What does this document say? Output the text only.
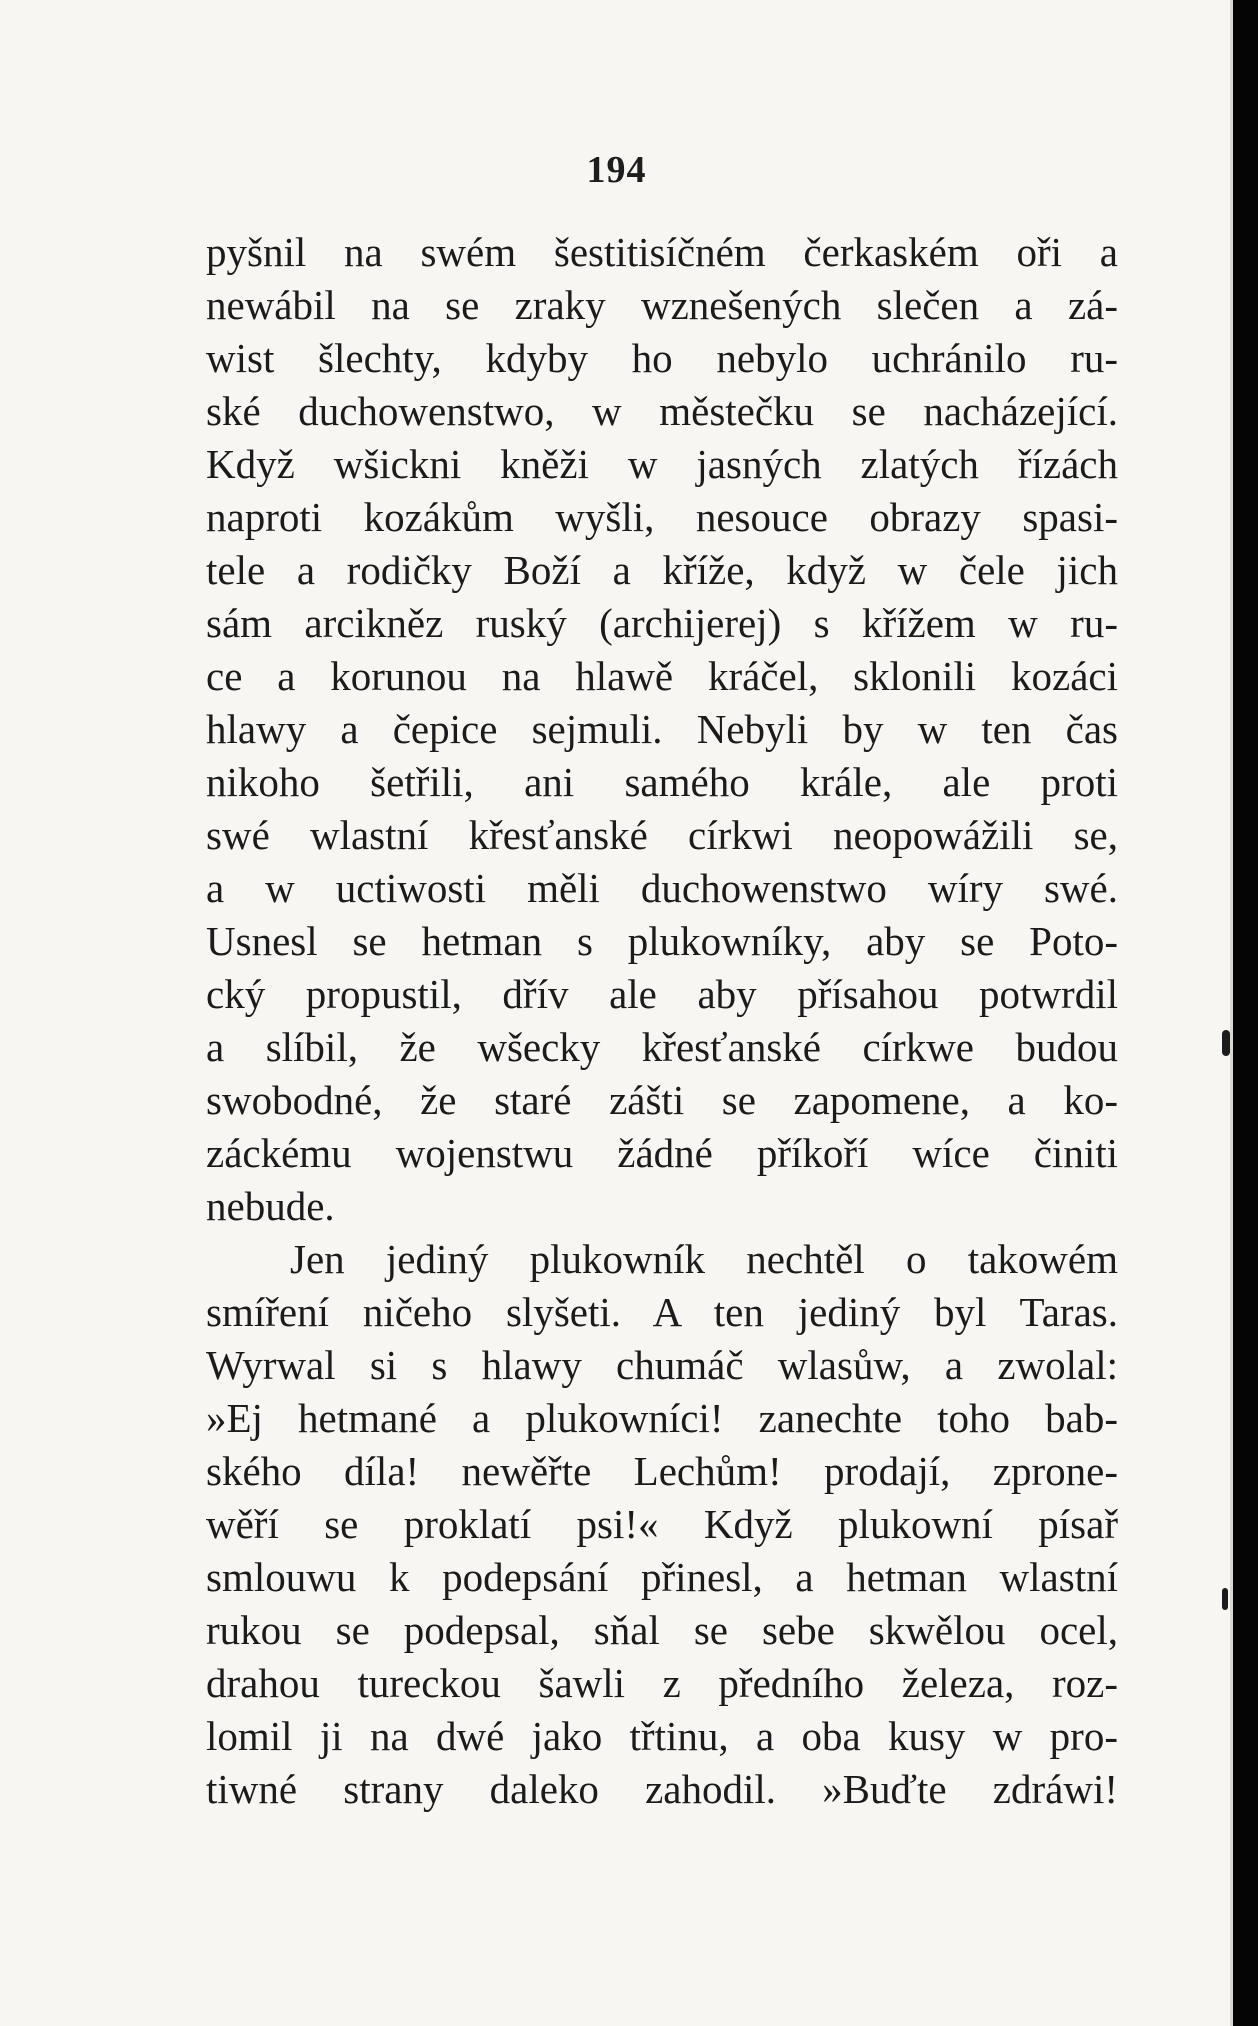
194
pyšnil na swém šestitisíčném čerkaském oři a
newábil na se zraky wznešených slečen a zá-
wist šlechty, kdyby ho nebylo uchránilo ru-
ské duchowenstwo, w městečku se nacházející.
Když wšickni kněži w jasných zlatých řízách
naproti kozákům wyšli, nesouce obrazy spasi-
tele a rodičky Boží a kříže, když w čele jich
sám arcikněz ruský (archijerej) s křížem w ru-
ce a korunou na hlawě kráčel, sklonili kozáci
hlawy a čepice sejmuli. Nebyli by w ten čas
nikoho šetřili, ani samého krále, ale proti
swé wlastní křesťanské církwi neopowážili se,
a w uctiwosti měli duchowenstwo wíry swé.
Usnesl se hetman s plukowníky, aby se Poto-
cký propustil, dřív ale aby přísahou potwrdil
a slíbil, že wšecky křesťanské církwe budou
swobodné, že staré zášti se zapomene, a ko-
záckému wojenstwu žádné příkoří wíce činiti
nebude.
Jen jediný plukowník nechtěl o takowém
smíření ničeho slyšeti. A ten jediný byl Taras.
Wyrwal si s hlawy chumáč wlasůw, a zwolal:
»Ej hetmané a plukowníci! zanechte toho bab-
ského díla! newěřte Lechům! prodají, zprone-
wěří se proklatí psi!« Když plukowní písař
smlouwu k podepsání přinesl, a hetman wlastní
rukou se podepsal, sňal se sebe skwělou ocel,
drahou tureckou šawli z předního železa, roz-
lomil ji na dwé jako třtinu, a oba kusy w pro-
tiwné strany daleko zahodil. »Buďte zdráwi!
